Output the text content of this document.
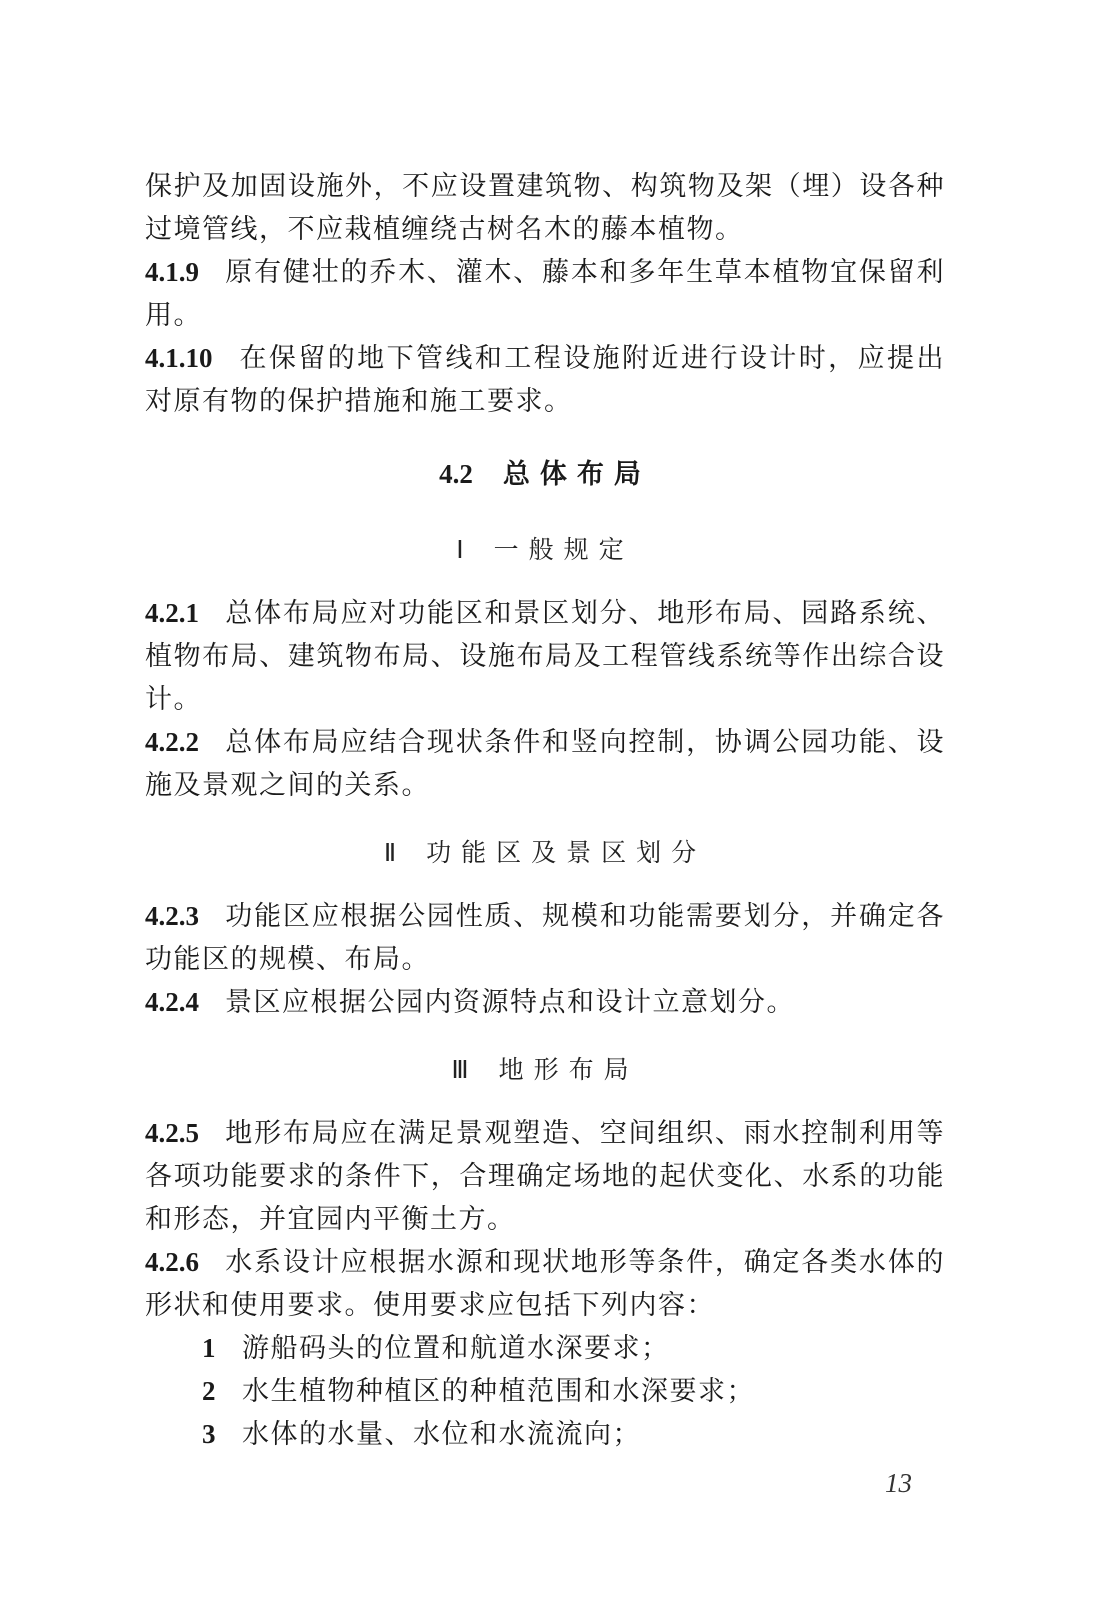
保护及加固设施外，不应设置建筑物、构筑物及架（埋）设各种过境管线，不应栽植缠绕古树名木的藤本植物。

4.1.9 原有健壮的乔木、灌木、藤本和多年生草本植物宜保留利用。

4.1.10 在保留的地下管线和工程设施附近进行设计时，应提出对原有物的保护措施和施工要求。

4.2 总体布局
Ⅰ 一般规定

4.2.1 总体布局应对功能区和景区划分、地形布局、园路系统、植物布局、建筑物布局、设施布局及工程管线系统等作出综合设计。

4.2.2 总体布局应结合现状条件和竖向控制，协调公园功能、设施及景观之间的关系。

Ⅱ 功能区及景区划分

4.2.3 功能区应根据公园性质、规模和功能需要划分，并确定各功能区的规模、布局。

4.2.4 景区应根据公园内资源特点和设计立意划分。

Ⅲ 地形布局

4.2.5 地形布局应在满足景观塑造、空间组织、雨水控制利用等各项功能要求的条件下，合理确定场地的起伏变化、水系的功能和形态，并宜园内平衡土方。

4.2.6 水系设计应根据水源和现状地形等条件，确定各类水体的形状和使用要求。使用要求应包括下列内容：

1 游船码头的位置和航道水深要求；

2 水生植物种植区的种植范围和水深要求；

3 水体的水量、水位和水流流向；

13
